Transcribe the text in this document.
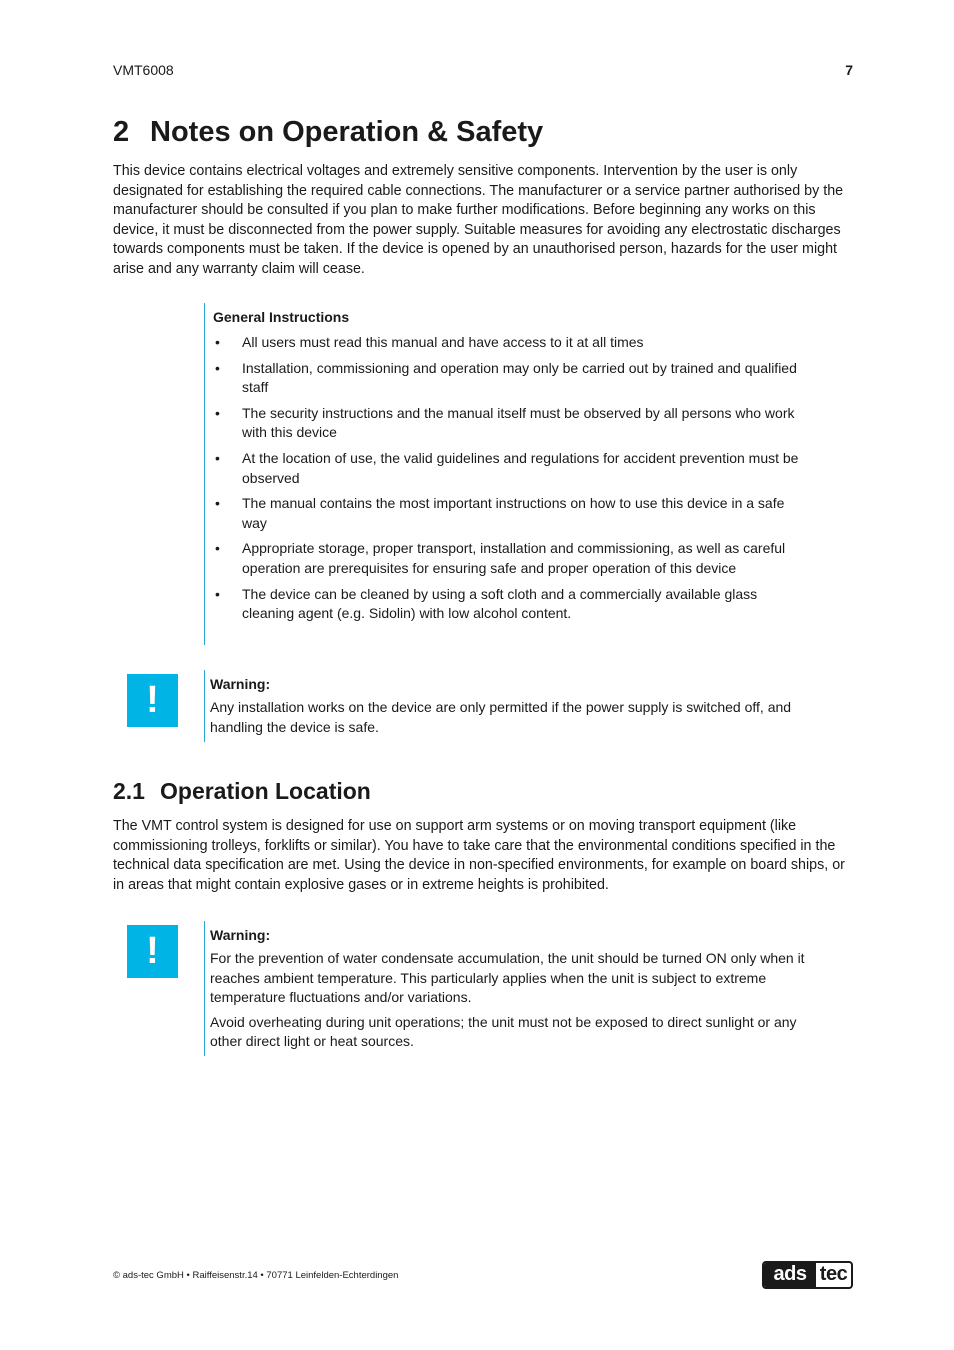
VMT6008	7
2 Notes on Operation & Safety
This device contains electrical voltages and extremely sensitive components. Intervention by the user is only designated for establishing the required cable connections. The manufacturer or a service partner authorised by the manufacturer should be consulted if you plan to make further modifications. Before beginning any works on this device, it must be disconnected from the power supply. Suitable measures for avoiding any electrostatic discharges towards components must be taken. If the device is opened by an unauthorised person, hazards for the user might arise and any warranty claim will cease.
General Instructions
• All users must read this manual and have access to it at all times
• Installation, commissioning and operation may only be carried out by trained and qualified staff
• The security instructions and the manual itself must be observed by all persons who work with this device
• At the location of use, the valid guidelines and regulations for accident prevention must be observed
• The manual contains the most important instructions on how to use this device in a safe way
• Appropriate storage, proper transport, installation and commissioning, as well as careful operation are prerequisites for ensuring safe and proper operation of this device
• The device can be cleaned by using a soft cloth and a commercially available glass cleaning agent (e.g. Sidolin) with low alcohol content.
!	Warning:

Any installation works on the device are only permitted if the power supply is switched off, and handling the device is safe.

2.1 Operation Location
The VMT control system is designed for use on support arm systems or on moving transport equipment (like commissioning trolleys, forklifts or similar). You have to take care that the environmental conditions specified in the technical data specification are met. Using the device in non-specified environments, for example on board ships, or in areas that might contain explosive gases or in extreme heights is prohibited.
!	Warning:

For the prevention of water condensate accumulation, the unit should be turned ON only when it reaches ambient temperature. This particularly applies when the unit is subject to extreme temperature fluctuations and/or variations.

Avoid overheating during unit operations; the unit must not be exposed to direct sunlight or any other direct light or heat sources.

© ads-tec GmbH • Raiffeisenstr.14 • 70771 Leinfelden-Echterdingen	ads tec
